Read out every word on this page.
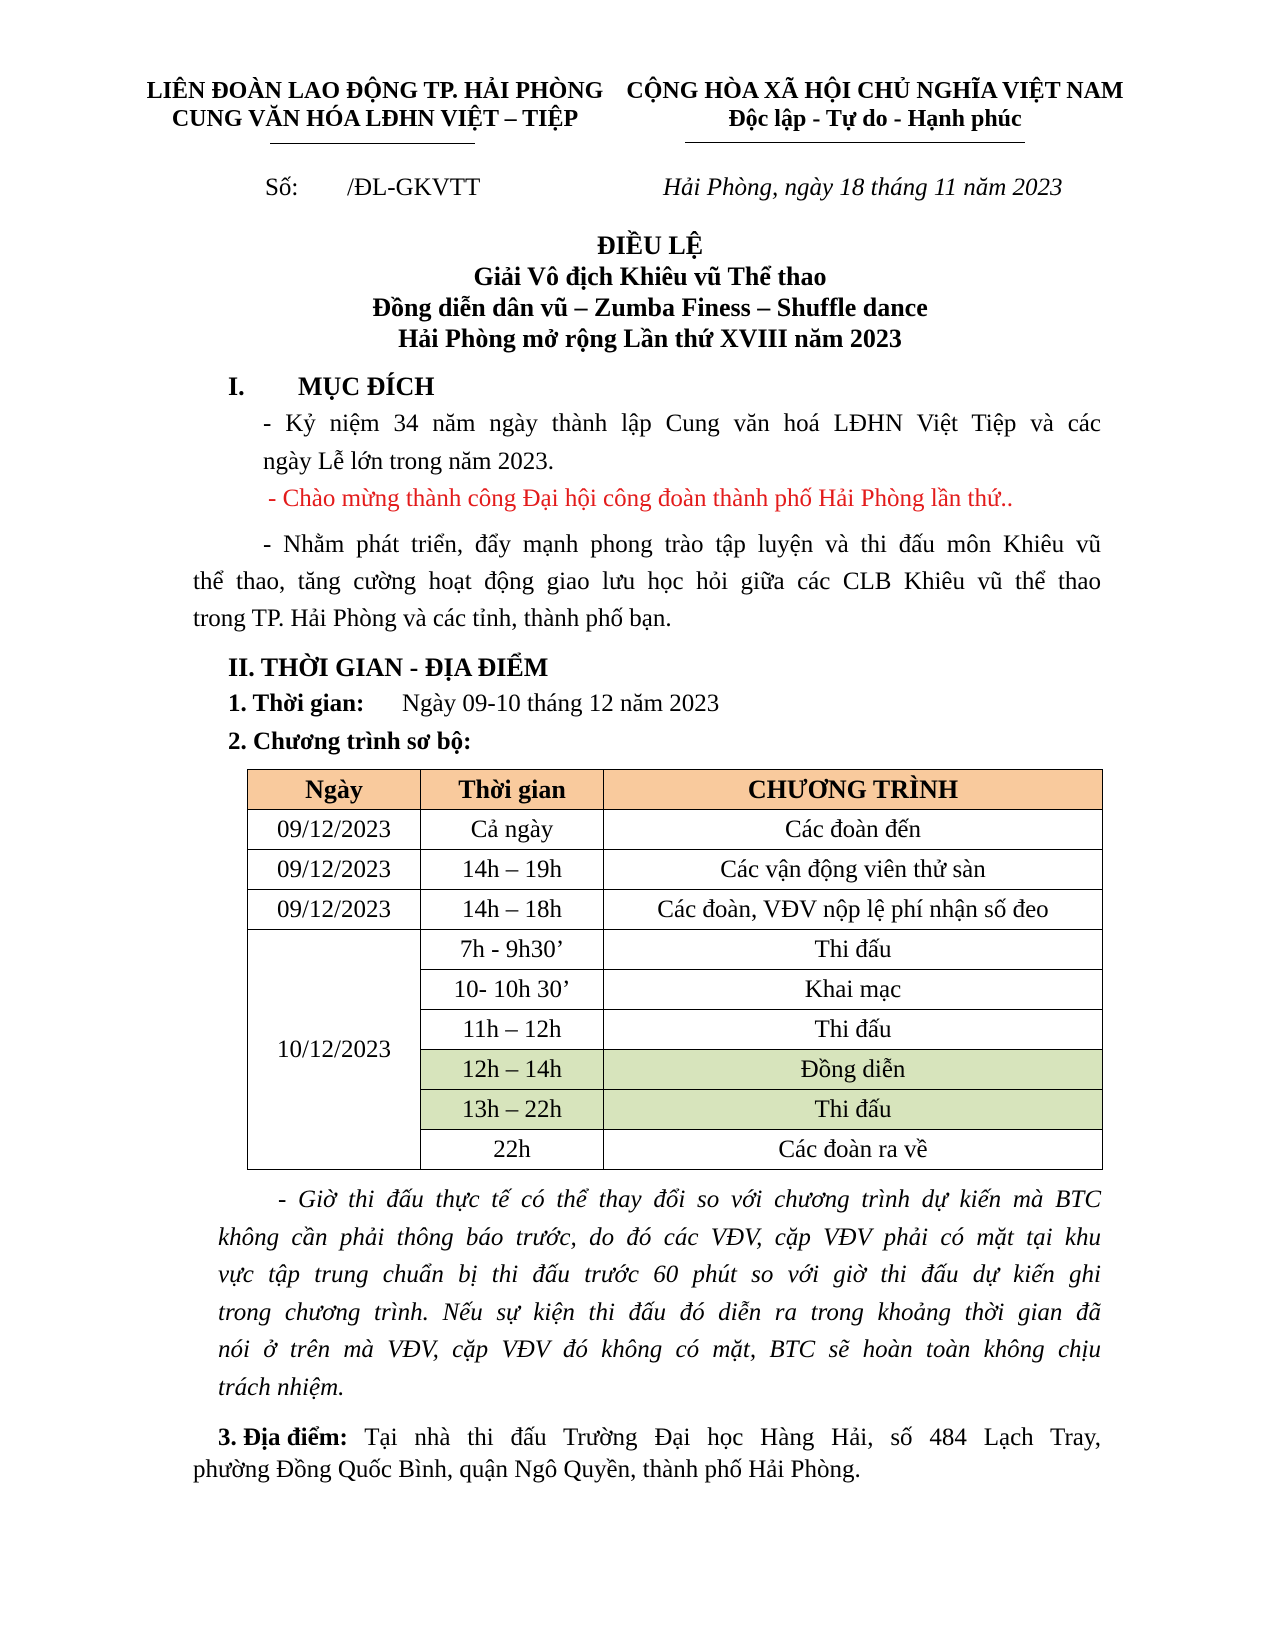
LIÊN ĐOÀN LAO ĐỘNG TP. HẢI PHÒNG
CUNG VĂN HÓA LĐHN VIỆT – TIỆP
CỘNG HÒA XÃ HỘI CHỦ NGHĨA VIỆT NAM
Độc lập - Tự do - Hạnh phúc
Số: /ĐL-GKVTT	Hải Phòng, ngày 18 tháng 11 năm 2023
ĐIỀU LỆ
Giải Vô địch Khiêu vũ Thể thao
Đồng diễn dân vũ – Zumba Finess – Shuffle dance
Hải Phòng mở rộng Lần thứ XVIII năm 2023
I. MỤC ĐÍCH
- Kỷ niệm 34 năm ngày thành lập Cung văn hoá LĐHN Việt Tiệp và các
ngày Lễ lớn trong năm 2023.
- Chào mừng thành công Đại hội công đoàn thành phố Hải Phòng lần thứ..
- Nhằm phát triển, đẩy mạnh phong trào tập luyện và thi đấu môn Khiêu vũ
thể thao, tăng cường hoạt động giao lưu học hỏi giữa các CLB Khiêu vũ thể thao
trong TP. Hải Phòng và các tỉnh, thành phố bạn.
II. THỜI GIAN - ĐỊA ĐIỂM
1. Thời gian: Ngày 09-10 tháng 12 năm 2023
2. Chương trình sơ bộ:
Ngày	Thời gian	CHƯƠNG TRÌNH
09/12/2023	Cả ngày	Các đoàn đến
09/12/2023	14h – 19h	Các vận động viên thử sàn
09/12/2023	14h – 18h	Các đoàn, VĐV nộp lệ phí nhận số đeo
10/12/2023	7h - 9h30’	Thi đấu
	10- 10h 30’	Khai mạc
	11h – 12h	Thi đấu
	12h – 14h	Đồng diễn
	13h – 22h	Thi đấu
	22h	Các đoàn ra về
- Giờ thi đấu thực tế có thể thay đổi so với chương trình dự kiến mà BTC
không cần phải thông báo trước, do đó các VĐV, cặp VĐV phải có mặt tại khu
vực tập trung chuẩn bị thi đấu trước 60 phút so với giờ thi đấu dự kiến ghi
trong chương trình. Nếu sự kiện thi đấu đó diễn ra trong khoảng thời gian đã
nói ở trên mà VĐV, cặp VĐV đó không có mặt, BTC sẽ hoàn toàn không chịu
trách nhiệm.
3. Địa điểm: Tại nhà thi đấu Trường Đại học Hàng Hải, số 484 Lạch Tray,
phường Đồng Quốc Bình, quận Ngô Quyền, thành phố Hải Phòng.
